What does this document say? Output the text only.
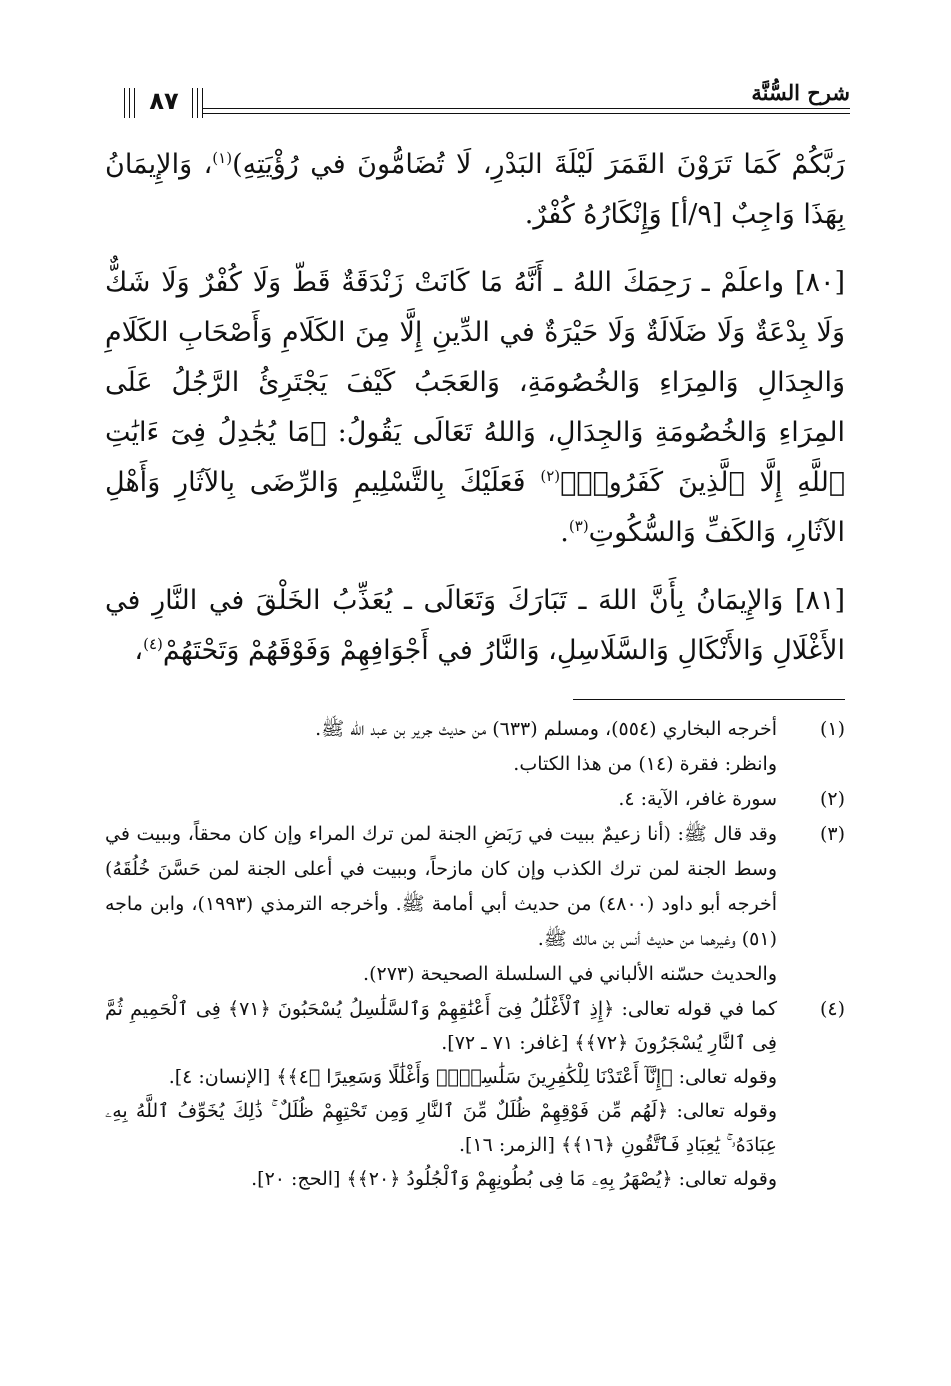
شرح السُّنَّة
٨٧

رَبَّكُمْ كَمَا تَرَوْنَ القَمَرَ لَيْلَةَ البَدْرِ، لَا تُضَامُّونَ في رُؤْيَتِهِ)$^{(١)}$، وَالإِيمَانُ بِهَذَا وَاجِبٌ [٩/أ] وَإِنْكَارُهُ كُفْرٌ.

[٨٠] واعلَمْ ـ رَحِمَكَ اللهُ ـ أَنَّهُ مَا كَانَتْ زَنْدَقَةٌ قَطّ وَلَا كُفْرٌ وَلَا شَكٌّ وَلَا بِدْعَةٌ وَلَا ضَلَالَةٌ وَلَا حَيْرَةٌ في الدِّينِ إِلَّا مِنَ الكَلَامِ وَأَصْحَابِ الكَلَامِ وَالجِدَالِ وَالمِرَاءِ وَالخُصُومَةِ، وَالعَجَبُ كَيْفَ يَجْتَرِئُ الرَّجُلُ عَلَى المِرَاءِ وَالخُصُومَةِ وَالجِدَالِ، وَاللهُ تَعَالَى يَقُولُ: ﴿مَا يُجَٰدِلُ فِىٓ ءَايَٰتِ ٱللَّهِ إِلَّا ٱلَّذِينَ كَفَرُوا۟﴾$^{(٢)}$ فَعَلَيْكَ بِالتَّسْلِيمِ وَالرِّضَى بِالآثَارِ وَأَهْلِ الآثَارِ، وَالكَفِّ وَالسُّكُوتِ$^{(٣)}$.

[٨١] وَالإِيمَانُ بِأَنَّ اللهَ ـ تَبَارَكَ وَتَعَالَى ـ يُعَذِّبُ الخَلْقَ في النَّارِ في الأَغْلَالِ وَالأَنْكَالِ وَالسَّلَاسِلِ، وَالنَّارُ في أَجْوَافِهِمْ وَفَوْقَهُمْ وَتَحْتَهُمْ$^{(٤)}$،

(١)

أخرجه البخاري (٥٥٤)، ومسلم (٦٣٣) من حديث جرير بن عبد الله ﷺ.

وانظر: فقرة (١٤) من هذا الكتاب.

(٢)

سورة غافر، الآية: ٤.

(٣)

وقد قال ﷺ: (أنا زعيمٌ ببيت في رَبَضِ الجنة لمن ترك المراء وإن كان محقاً، وببيت في وسط الجنة لمن ترك الكذب وإن كان مازحاً، وببيت في أعلى الجنة لمن حَسَّنَ خُلُقَهُ) أخرجه أبو داود (٤٨٠٠) من حديث أبي أمامة ﷺ. وأخرجه الترمذي (١٩٩٣)، وابن ماجه (٥١) وغيرهما من حديث أنس بن مالك ﷺ.

والحديث حسّنه الألباني في السلسلة الصحيحة (٢٧٣).

(٤)

كما في قوله تعالى: ﴿إِذِ ٱلْأَغْلَٰلُ فِىٓ أَعْنَٰقِهِمْ وَٱلسَّلَٰسِلُ يُسْحَبُونَ ﴿٧١﴾ فِى ٱلْحَمِيمِ ثُمَّ فِى ٱلنَّارِ يُسْجَرُونَ ﴿٧٢﴾﴾ [غافر: ٧١ ـ ٧٢].

وقوله تعالى: ﴿إِنَّآ أَعْتَدْنَا لِلْكَٰفِرِينَ سَلَٰسِلَا۟ وَأَغْلَٰلًا وَسَعِيرًا ﴿٤﴾﴾ [الإنسان: ٤].

وقوله تعالى: ﴿لَهُم مِّن فَوْقِهِمْ ظُلَلٌ مِّنَ ٱلنَّارِ وَمِن تَحْتِهِمْ ظُلَلٌ ۚ ذَٰلِكَ يُخَوِّفُ ٱللَّهُ بِهِۦ عِبَادَهُۥ ۚ يَٰعِبَادِ فَٱتَّقُونِ ﴿١٦﴾﴾ [الزمر: ١٦].

وقوله تعالى: ﴿يُصْهَرُ بِهِۦ مَا فِى بُطُونِهِمْ وَٱلْجُلُودُ ﴿٢٠﴾﴾ [الحج: ٢٠].
